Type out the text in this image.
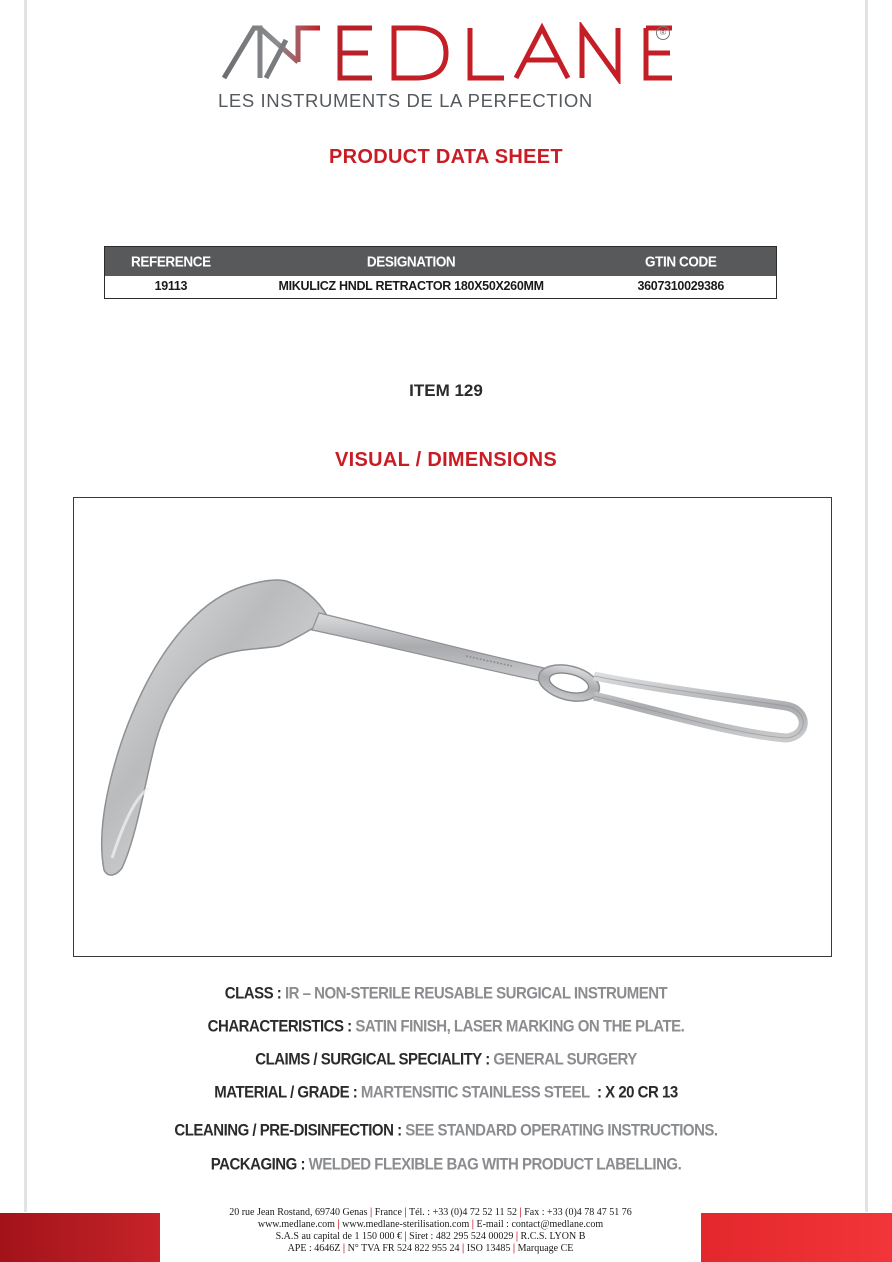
®
LES INSTRUMENTS DE LA PERFECTION
PRODUCT DATA SHEET
REFERENCE	DESIGNATION	GTIN CODE
19113	MIKULICZ HNDL RETRACTOR 180X50X260MM	3607310029386
ITEM 129
VISUAL / DIMENSIONS
CLASS : IR – NON-STERILE REUSABLE SURGICAL INSTRUMENT
CHARACTERISTICS : SATIN FINISH, LASER MARKING ON THE PLATE.
CLAIMS / SURGICAL SPECIALITY : GENERAL SURGERY
MATERIAL / GRADE : MARTENSITIC STAINLESS STEEL  : X 20 CR 13
CLEANING / PRE-DISINFECTION : SEE STANDARD OPERATING INSTRUCTIONS.
PACKAGING : WELDED FLEXIBLE BAG WITH PRODUCT LABELLING.
20 rue Jean Rostand, 69740 Genas | France | Tél. : +33 (0)4 72 52 11 52 | Fax : +33 (0)4 78 47 51 76
www.medlane.com | www.medlane-sterilisation.com | E-mail : contact@medlane.com
S.A.S au capital de 1 150 000 € | Siret : 482 295 524 00029 | R.C.S. LYON B
APE : 4646Z | N° TVA FR 524 822 955 24 | ISO 13485 | Marquage CE
